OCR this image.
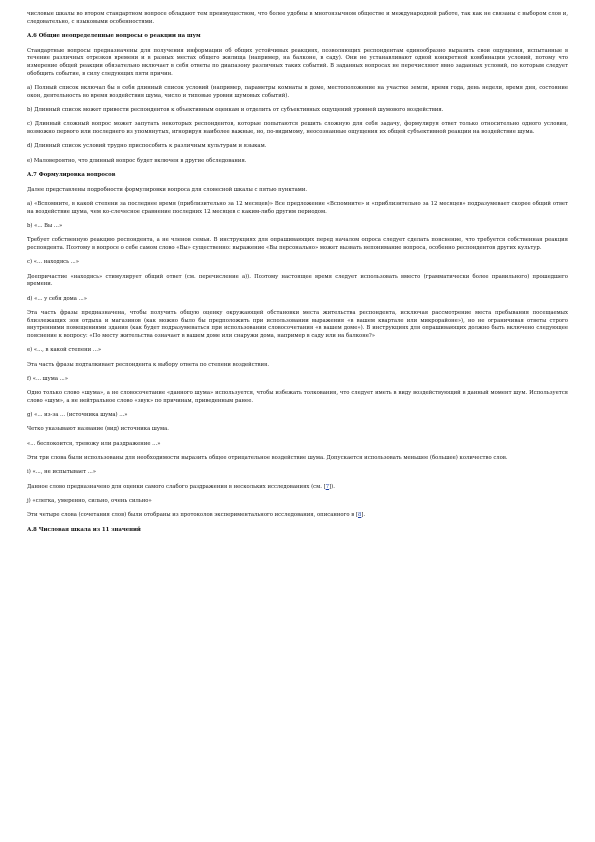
числовые шкалы во втором стандартном вопросе обладают тем преимуществом, что более удобны в многоязычном обществе и международной работе, так как не связаны с выбором слов и, следовательно, с языковыми особенностями.

А.6 Общие неопределенные вопросы о реакции на шум

Стандартные вопросы предназначены для получения информации об общих устойчивых реакциях, позволяющих респондентам единообразно выразить свои ощущения, испытанные в течение различных отрезков времени и в разных местах общего жилища (например, на балконе, в саду). Они не устанавливают одной конкретной комбинации условий, потому что измерение общей реакции обязательно включает в себя ответы по диапазону различных таких событий. В заданных вопросах не перечисляют явно заданных условий, по которым следует обобщить событие, в силу следующих пяти причин.

а) Полный список включал бы в себя длинный список условий (например, параметры комнаты в доме, местоположение на участке земли, время года, день недели, время дня, состояние окон, деятельность во время воздействия шума, число и типовые уровни шумовых событий).

b) Длинный список может привести респондентов к объективным оценкам и отделить от субъективных ощущений уровней шумового воздействия.

с) Длинный сложный вопрос может запутать некоторых респондентов, которые попытаются решить сложную для себя задачу, формулируя ответ только относительно одного условия, возможно первого или последнего из упомянутых, игнорируя наиболее важные, но, по-видимому, неосознанные ощущения их общей субъективной реакции на воздействие шума.

d) Длинный список условий трудно приспособить к различным культурам и языкам.

е) Маловероятно, что длинный вопрос будет включен в другие обследования.

А.7 Формулировка вопросов

Далее представлены подробности формулировки вопроса для словесной шкалы с пятью пунктами.

а) «Вспомните, в какой степени за последнее время (приблизительно за 12 месяцев)» Все предложение «Вспомните» и «приблизительно за 12 месяцев» подразумевает скорее общий ответ на воздействие шума, чем ко-слечесное сравнение последних 12 месяцев с каким-либо другим периодом.

b) «... Вы ...»

Требует собственную реакцию респондента, а не членов семьи. В инструкциях для опрашивающих перед началом опроса следует сделать пояснение, что требуется собственная реакция респондента. Поэтому в вопросе о себе самом слово «Вы» существенно: выражение «Вы персонально» может вызвать непонимание вопроса, особенно респондентов других культур.

с) «... находясь ...»

Деепричастие «находясь» стимулирует общий ответ (см. перечисление а)). Поэтому настоящее время следует использовать вместо (грамматически более правильного) прошедшего времени.

d) «... у себя дома ...»

Эта часть фразы предназначена, чтобы получить общую оценку окружающей обстановки места жительства респондента, исключая рассмотрение места пребывания посещаемых близлежащих зон отдыха и магазинов (как можно было бы предположить при использовании выражения «в вашем квартале или микрорайоне»), но не ограничивая ответы строго внутренними помещениями здания (как будет подразумеваться при использовании словосочетания «в вашем доме»). В инструкциях для опрашивающих должно быть включено следующее пояснение к вопросу: «По месту жительства означает в вашем доме или снаружи дома, например в саду или на балконе?»

е) «..., в какой степени ...»

Эта часть фразы подталкивает респондента к выбору ответа по степени воздействия.

f) «... шума ...»

Одно только слово «шума», а не словосочетание «данного шума» используется, чтобы избежать толкования, что следует иметь в виду воздействующий в данный момент шум. Используется слово «шум», а не нейтральное слово «звук» по причинам, приведенным ранее.

g) «... из-за ... (источника шума) ...»

Четко указывают название (вид) источника шума.

«... беспокоится, тревожу или раздражение ...»

Эти три слова были использованы для необходимости выразить общее отрицательное воздействие шума. Допускается использовать меньшее (большее) количество слов.

i) «..., не испытывает ...»

Данное слово предназначено для оценки самого слабого раздражения в нескольких исследованиях (см. [7]).

j) «слегка, умеренно, сильно, очень сильно»

Эти четыре слова (сочетания слов) были отобраны из протоколов экспериментального исследования, описанного в [8].

А.8 Числовая шкала из 11 значений
